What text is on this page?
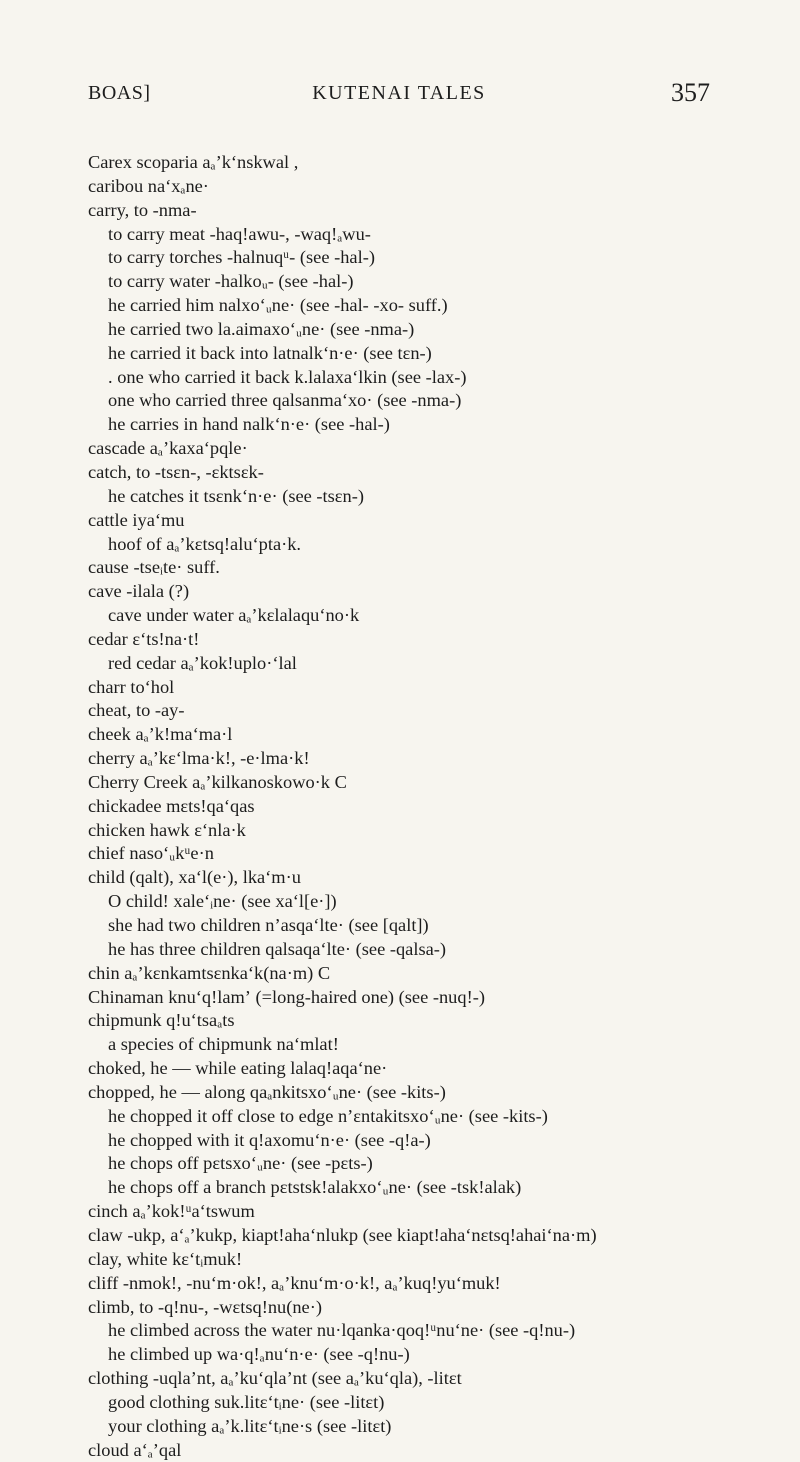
BOAS]	KUTENAI TALES	357
Carex scoparia aₐʼkʻnskwal ,
caribou naʻxₐne·
carry, to -nma-
to carry meat -haq!awu-, -waq!ₐwu-
to carry torches -halnuqᵘ- (see -hal-)
to carry water -halkoᵤ- (see -hal-)
he carried him nalxoʻᵤne· (see -hal- -xo- suff.)
he carried two la.aimaxoʻᵤne· (see -nma-)
he carried it back into latnalkʻn·e· (see tɛn-)
. one who carried it back k.lalaxaʻlkin (see -lax-)
one who carried three qalsanmaʻxo· (see -nma-)
he carries in hand nalkʻn·e· (see -hal-)
cascade aₐʼkaxaʻpqle·
catch, to -tsɛn-, -ɛktsɛk-
he catches it tsɛnkʻn·e· (see -tsɛn-)
cattle iyaʻmu
hoof of aₐʼkɛtsq!aluʻpta·k.
cause -tseᵢte· suff.
cave -ilala (?)
cave under water aₐʼkɛlalaquʻno·k
cedar ɛʻts!na·t!
red cedar aₐʼkok!uplo·ʻlal
charr toʻhol
cheat, to -ay-
cheek aₐʼk!maʻma·l
cherry aₐʼkɛʻlma·k!, -e·lma·k!
Cherry Creek aₐʼkilkanoskowo·k C
chickadee mɛts!qaʻqas
chicken hawk ɛʻnla·k
chief nasoʻᵤkᵘe·n
child (qalt), xaʻl(e·), lkaʻm·u
O child! xaleʻᵢne· (see xaʻl[e·])
she had two children nʼasqaʻlte· (see [qalt])
he has three children qalsaqaʻlte· (see -qalsa-)
chin aₐʼkɛnkamtsɛnkaʻk(na·m) C
Chinaman knuʻq!lamʼ (=long-haired one) (see -nuq!-)
chipmunk q!uʻtsaₐts
a species of chipmunk naʻmlat!
choked, he — while eating lalaq!aqaʻne·
chopped, he — along qaₐnkitsxoʻᵤne· (see -kits-)
he chopped it off close to edge nʼɛntakitsxoʻᵤne· (see -kits-)
he chopped with it q!axomuʻn·e· (see -q!a-)
he chops off pɛtsxoʻᵤne· (see -pɛts-)
he chops off a branch pɛtstsk!alakxoʻᵤne· (see -tsk!alak)
cinch aₐʼkok!ᵘaʻtswum
claw -ukp, aʻₐʼkukp, kiapt!ahaʻnlukp (see kiapt!ahaʻnɛtsq!ahaiʻna·m)
clay, white kɛʻtᵢmuk!
cliff -nmok!, -nuʻm·ok!, aₐʼknuʻm·o·k!, aₐʼkuq!yuʻmuk!
climb, to -q!nu-, -wɛtsq!nu(ne·)
he climbed across the water nu·lqanka·qoq!ᵘnuʻne· (see -q!nu-)
he climbed up wa·q!ₐnuʻn·e· (see -q!nu-)
clothing -uqlaʼnt, aₐʼkuʻqlaʼnt (see aₐʼkuʻqla), -litɛt
good clothing suk.litɛʻtᵢne· (see -litɛt)
your clothing aₐʼk.litɛʻtᵢne·s (see -litɛt)
cloud aʻₐʼqal
